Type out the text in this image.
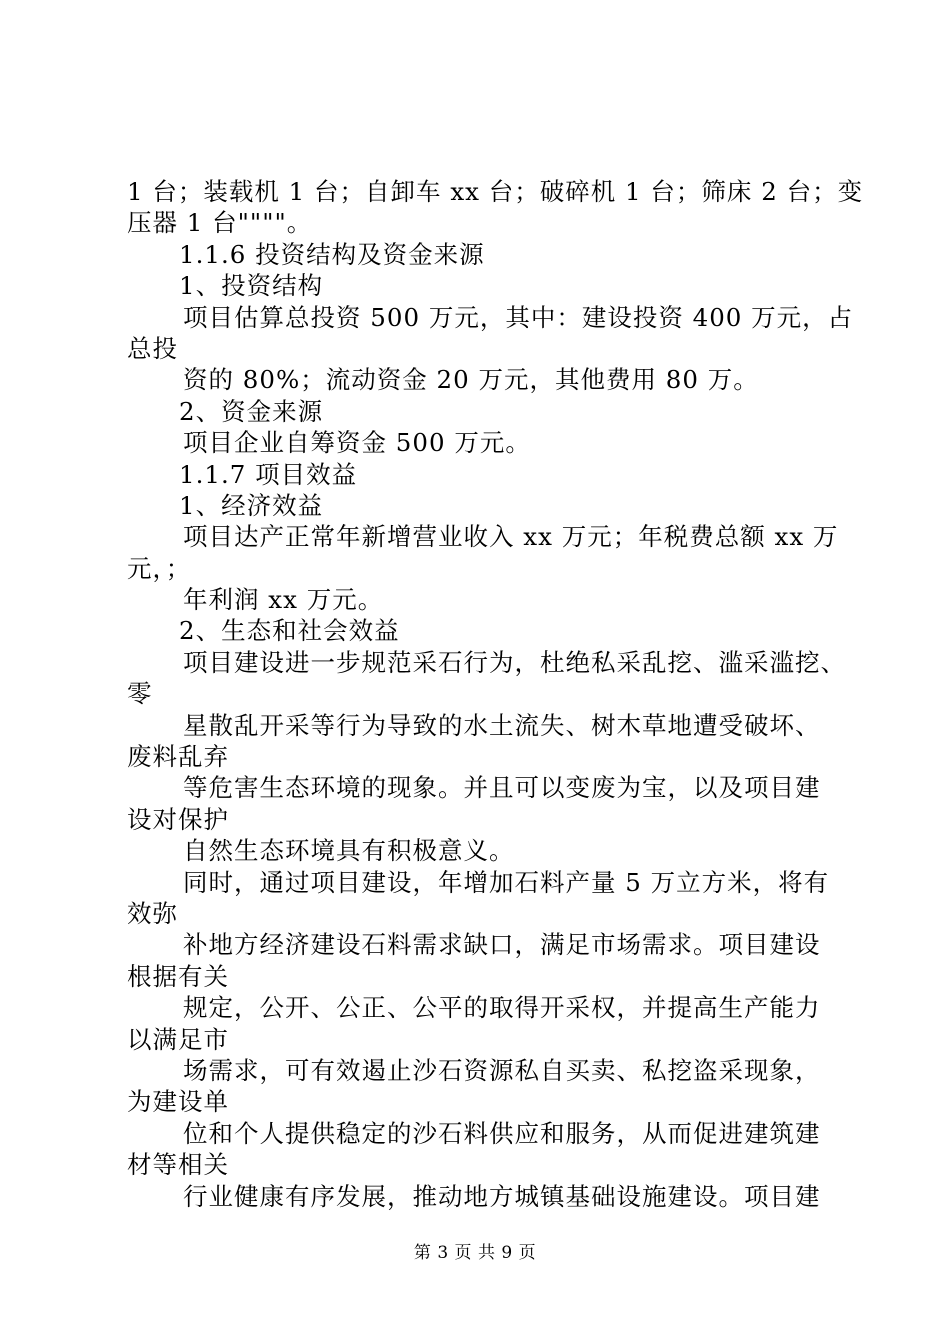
1 台；装载机 1 台；自卸车 xx 台；破碎机 1 台；筛床 2 台；变
压器 1 台""""。
1.1.6 投资结构及资金来源
1、投资结构
项目估算总投资 500 万元，其中：建设投资 400 万元，占
总投
资的 80%；流动资金 20 万元，其他费用 80 万。
2、资金来源
项目企业自筹资金 500 万元。
1.1.7 项目效益
1、经济效益
项目达产正常年新增营业收入 xx 万元；年税费总额 xx 万
元，；
年利润 xx 万元。
2、生态和社会效益
项目建设进一步规范采石行为，杜绝私采乱挖、滥采滥挖、
零
星散乱开采等行为导致的水土流失、树木草地遭受破坏、
废料乱弃
等危害生态环境的现象。并且可以变废为宝，以及项目建
设对保护
自然生态环境具有积极意义。
同时，通过项目建设，年增加石料产量 5 万立方米，将有
效弥
补地方经济建设石料需求缺口，满足市场需求。项目建设
根据有关
规定，公开、公正、公平的取得开采权，并提高生产能力
以满足市
场需求，可有效遏止沙石资源私自买卖、私挖盗采现象，
为建设单
位和个人提供稳定的沙石料供应和服务，从而促进建筑建
材等相关
行业健康有序发展，推动地方城镇基础设施建设。项目建
第 3 页 共 9 页
